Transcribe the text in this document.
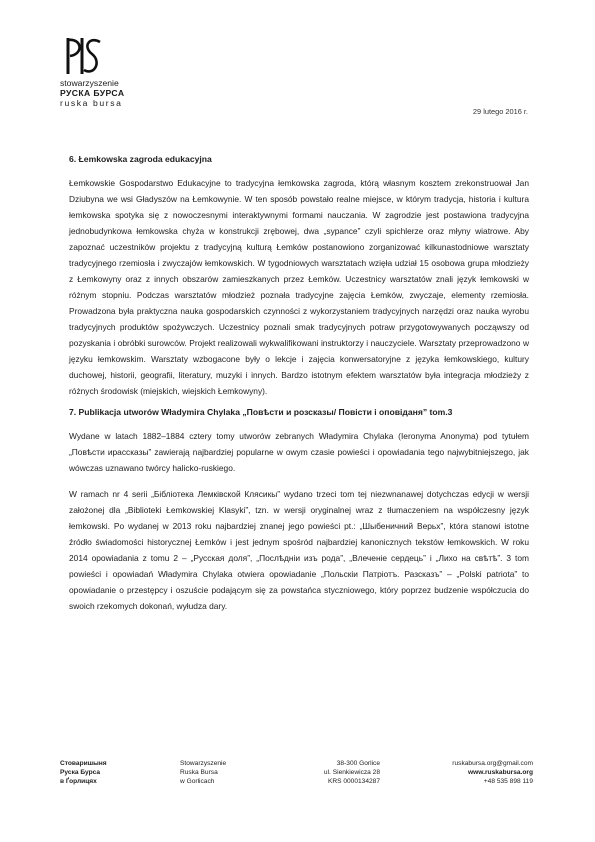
stowarzyszenie
РУСКА БУРСА
ruska bursa
29 lutego 2016 r.
6. Łemkowska zagroda edukacyjna

Łemkowskie Gospodarstwo Edukacyjne to tradycyjna łemkowska zagroda, którą własnym kosztem zrekonstruował Jan Dziubyna we wsi Gładyszów na Łemkowynie. W ten sposób powstało realne miejsce, w którym tradycja, historia i kultura łemkowska spotyka się z nowoczesnymi interaktywnymi formami nauczania. W zagrodzie jest postawiona tradycyjna jednobudynkowa łemkowska chyża w konstrukcji zrębowej, dwa „sypance” czyli spichlerze oraz młyny wiatrowe. Aby zapoznać uczestników projektu z tradycyjną kulturą Łemków postanowiono zorganizować kilkunastodniowe warsztaty tradycyjnego rzemiosła i zwyczajów łemkowskich. W tygodniowych warsztatach wzięła udział 15 osobowa grupa młodzieży z Łemkowyny oraz z innych obszarów zamieszkanych przez Łemków. Uczestnicy warsztatów znali język łemkowski w różnym stopniu. Podczas warsztatów młodzież poznała tradycyjne zajęcia Łemków, zwyczaje, elementy rzemiosła. Prowadzona była praktyczna nauka gospodarskich czynności z wykorzystaniem tradycyjnych narzędzi oraz nauka wyrobu tradycyjnych produktów spożywczych. Uczestnicy poznali smak tradycyjnych potraw przygotowywanych począwszy od pozyskania i obróbki surowców. Projekt realizowali wykwalifikowani instruktorzy i nauczyciele. Warsztaty przeprowadzono w języku łemkowskim. Warsztaty wzbogacone były o lekcje i zajęcia konwersatoryjne z języka łemkowskiego, kultury duchowej, historii, geografii, literatury, muzyki i innych. Bardzo istotnym efektem warsztatów była integracja młodzieży z różnych środowisk (miejskich, wiejskich Łemkowyny).

7. Publikacja utworów Władymira Chylaka „Повѣсти и розсказы/ Повісти і оповіданя” tom.3

Wydane w latach 1882–1884 cztery tomy utworów zebranych Władymira Chylaka (Ieronyma Anonyma) pod tytułem „Повѣсти ирассказы” zawierają najbardziej popularne w owym czasie powieści i opowiadania tego najwybitniejszego, jak wówczas uznawano twórcy halicko-ruskiego.

W ramach nr 4 serii „Бібліотека Лемківской Клясикы” wydano trzeci tom tej niezwnanawej dotychczas edycji w wersji założonej dla „Biblioteki Łemkowskiej Klasyki”, tzn. w wersji oryginalnej wraz z tłumaczeniem na współczesny język łemkowski. Po wydanej w 2013 roku najbardziej znanej jego powieści pt.: „Шыбеничний Верьх”, która stanowi istotne źródło świadomości historycznej Łemków i jest jednym spośród najbardziej kanonicznych tekstów łemkowskich. W roku 2014 opowiadania z tomu 2 – „Русская доля”, „Послѣднiи изъ рода”, „Влеченіе сердець” i „Лихо на свѣтѣ”. 3 tom powieści i opowiadań Władymira Chylaka otwiera opowiadanie „Польскiи Патріотъ. Разсказъ” – „Polski patriota” to opowiadanie o przestępcy i oszuście podającym się za powstańca styczniowego, który poprzez budzenie współczucia do swoich rzekomych dokonań, wyłudza dary.

Стоваришыня
Руска Бурса
в Ґорлицях
Stowarzyszenie
Ruska Bursa
w Gorlicach
38-300 Gorlice
ul. Sienkiewicza 28
KRS 0000134287
ruskabursa.org@gmail.com
www.ruskabursa.org
+48 535 898 119
